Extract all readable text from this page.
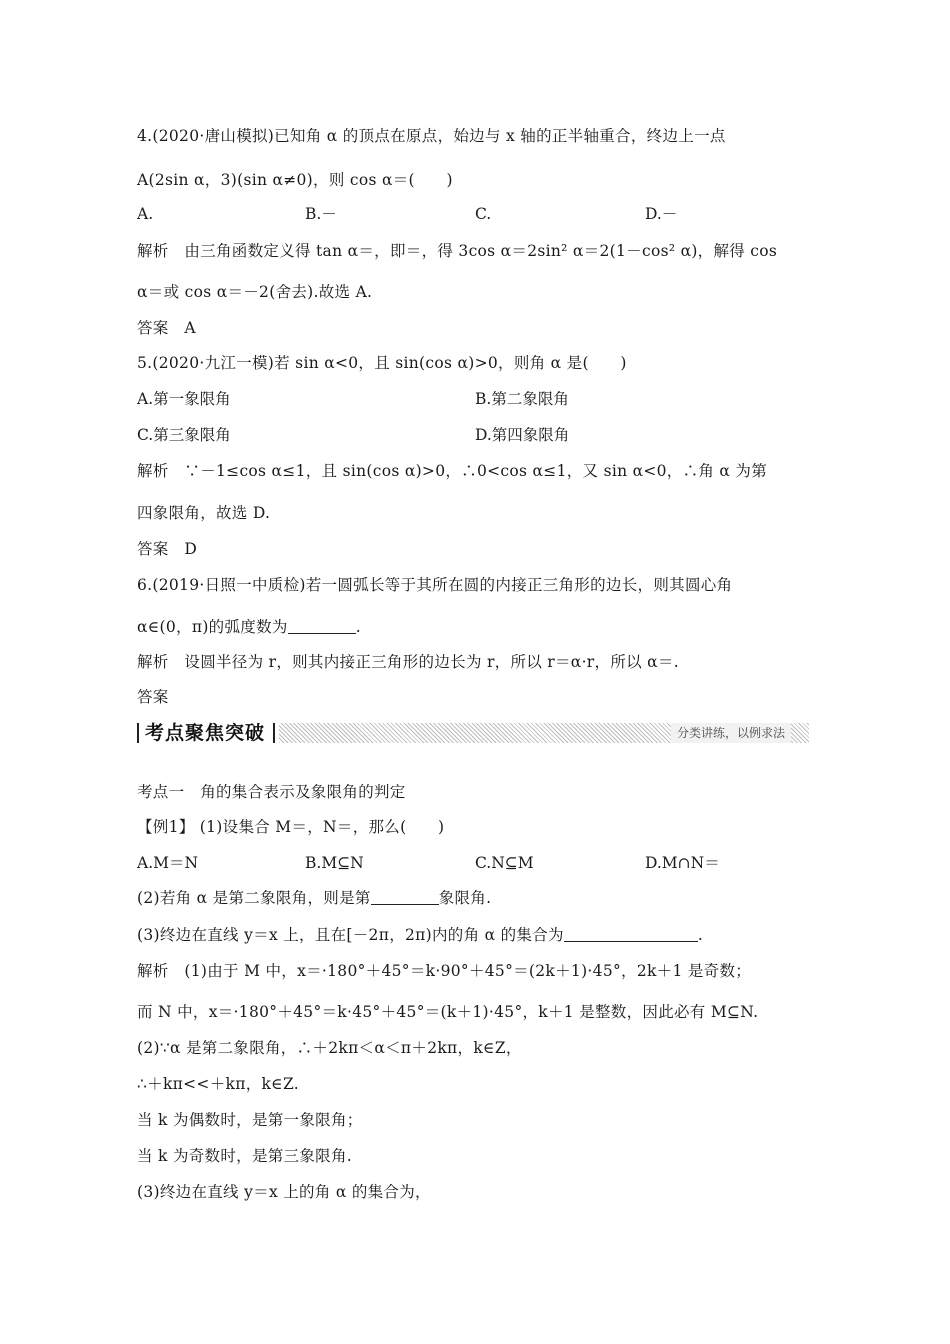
4.(2020·唐山模拟)已知角 α 的顶点在原点，始边与 x 轴的正半轴重合，终边上一点
A(2sin α，3)(sin α≠0)，则 cos α＝(　　)
A.	B.－	C.	D.－
解析　由三角函数定义得 tan α＝，即＝，得 3cos α＝2sin² α＝2(1－cos² α)，解得 cos
α＝或 cos α＝－2(舍去).故选 A.
答案　A
5.(2020·九江一模)若 sin α<0，且 sin(cos α)>0，则角 α 是(　　)
A.第一象限角	B.第二象限角
C.第三象限角	D.第四象限角
解析　∵－1≤cos α≤1，且 sin(cos α)>0，∴0<cos α≤1，又 sin α<0，∴角 α 为第
四象限角，故选 D.
答案　D
6.(2019·日照一中质检)若一圆弧长等于其所在圆的内接正三角形的边长，则其圆心角
α∈(0，π)的弧度数为	.
解析　设圆半径为 r，则其内接正三角形的边长为 r，所以 r＝α·r，所以 α＝.
答案
考点聚焦突破	分类讲练，以例求法
考点一　角的集合表示及象限角的判定
【例1】 (1)设集合 M＝，N＝，那么(　　)
A.M＝N	B.M⊆N	C.N⊆M	D.M∩N＝
(2)若角 α 是第二象限角，则是第	象限角.
(3)终边在直线 y＝x 上，且在[－2π，2π)内的角 α 的集合为	.
解析　(1)由于 M 中，x＝·180°＋45°＝k·90°＋45°＝(2k＋1)·45°，2k＋1 是奇数；
而 N 中，x＝·180°＋45°＝k·45°＋45°＝(k＋1)·45°，k＋1 是整数，因此必有 M⊆N.
(2)∵α 是第二象限角，∴＋2kπ＜α＜π＋2kπ，k∈Z，
∴＋kπ<<＋kπ，k∈Z.
当 k 为偶数时，是第一象限角；
当 k 为奇数时，是第三象限角.
(3)终边在直线 y＝x 上的角 α 的集合为，
